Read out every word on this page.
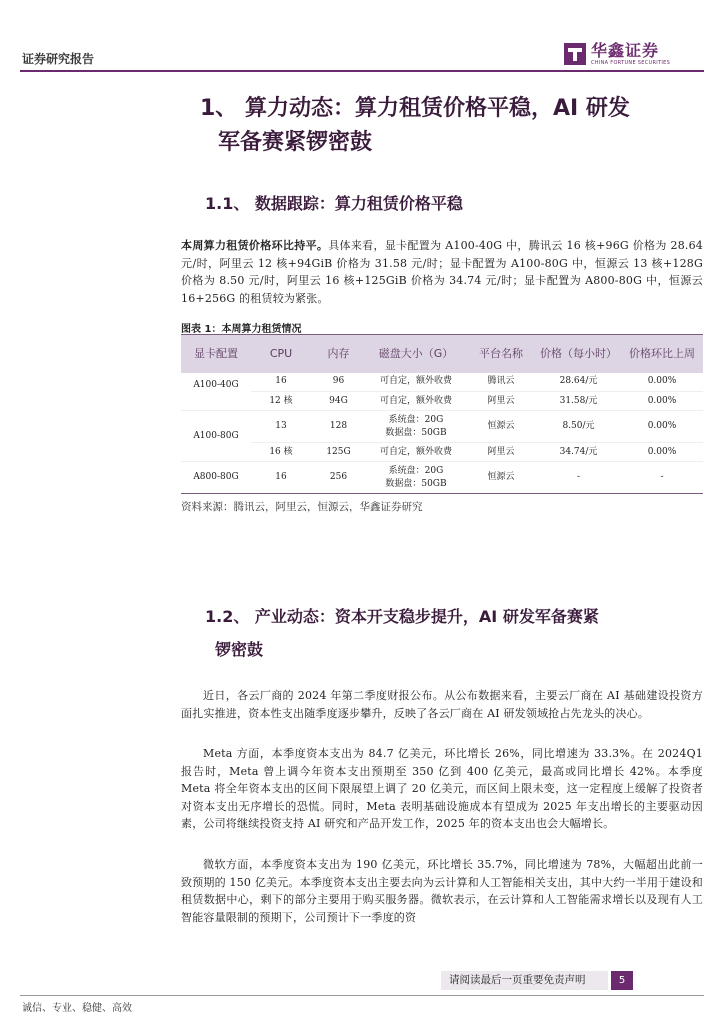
证券研究报告	华鑫证券
CHINA FORTUNE SECURITIES
1、 算力动态：算力租赁价格平稳，AI 研发
军备赛紧锣密鼓
1.1、 数据跟踪：算力租赁价格平稳
本周算力租赁价格环比持平。具体来看，显卡配置为 A100-40G 中，腾讯云 16 核+96G 价格为 28.64 元/时，阿里云 12 核+94GiB 价格为 31.58 元/时；显卡配置为 A100-80G 中，恒源云 13 核+128G 价格为 8.50 元/时，阿里云 16 核+125GiB 价格为 34.74 元/时；显卡配置为 A800-80G 中，恒源云 16+256G 的租赁较为紧张。
图表 1：本周算力租赁情况
显卡配置	CPU	内存	磁盘大小（G）	平台名称	价格（每小时）	价格环比上周
A100-40G	16	96	可自定，额外收费	腾讯云	28.64/元	0.00%
	12 核	94G	可自定，额外收费	阿里云	31.58/元	0.00%
A100-80G	13	128	系统盘：20G
数据盘：50GB	恒源云	8.50/元	0.00%
	16 核	125G	可自定，额外收费	阿里云	34.74/元	0.00%
A800-80G	16	256	系统盘：20G
数据盘：50GB	恒源云	-	-
资料来源：腾讯云，阿里云，恒源云，华鑫证券研究
1.2、 产业动态：资本开支稳步提升，AI 研发军备赛紧
锣密鼓
近日，各云厂商的 2024 年第二季度财报公布。从公布数据来看，主要云厂商在 AI 基础建设投资方面扎实推进，资本性支出随季度逐步攀升，反映了各云厂商在 AI 研发领域抢占先龙头的决心。
Meta 方面，本季度资本支出为 84.7 亿美元，环比增长 26%，同比增速为 33.3%。在 2024Q1 报告时，Meta 曾上调今年资本支出预期至 350 亿到 400 亿美元，最高或同比增长 42%。本季度 Meta 将全年资本支出的区间下限展望上调了 20 亿美元，而区间上限未变，这一定程度上缓解了投资者对资本支出无序增长的恐慌。同时，Meta 表明基础设施成本有望成为 2025 年支出增长的主要驱动因素，公司将继续投资支持 AI 研究和产品开发工作，2025 年的资本支出也会大幅增长。
微软方面，本季度资本支出为 190 亿美元，环比增长 35.7%，同比增速为 78%，大幅超出此前一致预期的 150 亿美元。本季度资本支出主要去向为云计算和人工智能相关支出，其中大约一半用于建设和租赁数据中心，剩下的部分主要用于购买服务器。微软表示，在云计算和人工智能需求增长以及现有人工智能容量限制的预期下，公司预计下一季度的资
请阅读最后一页重要免责声明	5
诚信、专业、稳健、高效
